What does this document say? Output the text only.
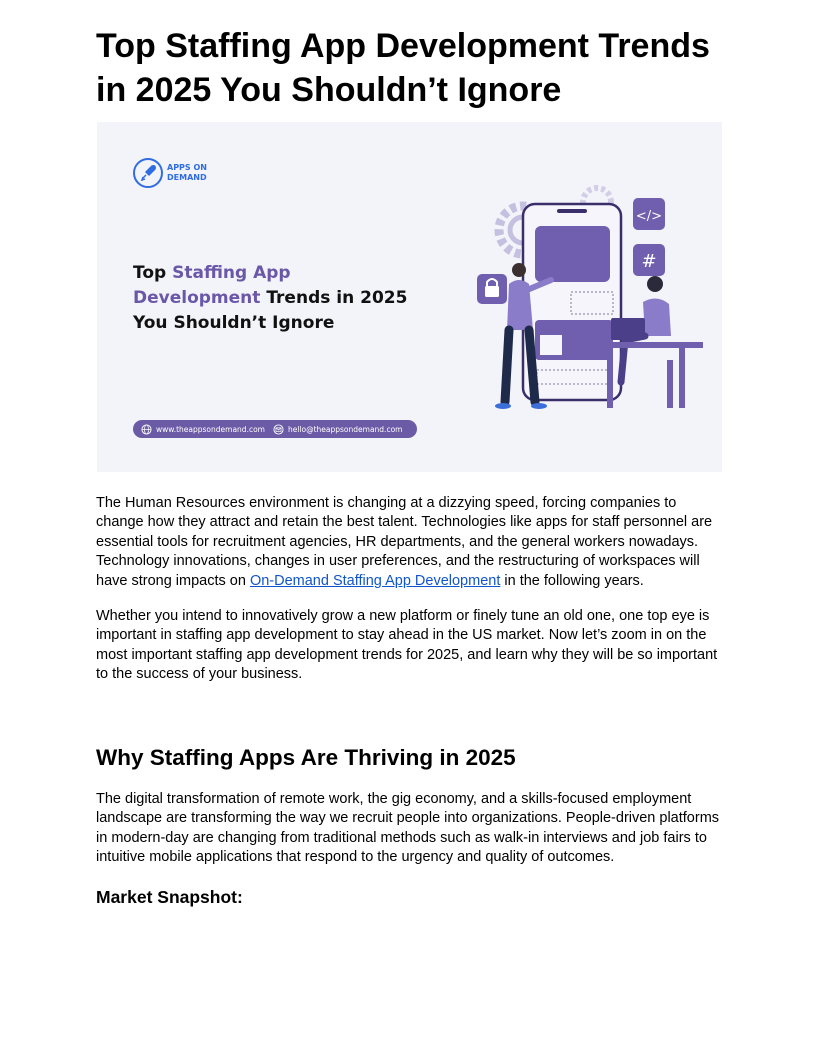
Top Staffing App Development Trends in 2025 You Shouldn’t Ignore
APPS ON DEMAND
Top Staffing App Development Trends in 2025 You Shouldn’t Ignore
www.theappsondemand.com	hello@theappsondemand.com
</>
#

The Human Resources environment is changing at a dizzying speed, forcing companies to change how they attract and retain the best talent. Technologies like apps for staff personnel are essential tools for recruitment agencies, HR departments, and the general workers nowadays. Technology innovations, changes in user preferences, and the restructuring of workspaces will have strong impacts on On-Demand Staffing App Development in the following years.

Whether you intend to innovatively grow a new platform or finely tune an old one, one top eye is important in staffing app development to stay ahead in the US market. Now let’s zoom in on the most important staffing app development trends for 2025, and learn why they will be so important to the success of your business.

Why Staffing Apps Are Thriving in 2025

The digital transformation of remote work, the gig economy, and a skills-focused employment landscape are transforming the way we recruit people into organizations. People-driven platforms in modern-day are changing from traditional methods such as walk-in interviews and job fairs to intuitive mobile applications that respond to the urgency and quality of outcomes.

Market Snapshot:
